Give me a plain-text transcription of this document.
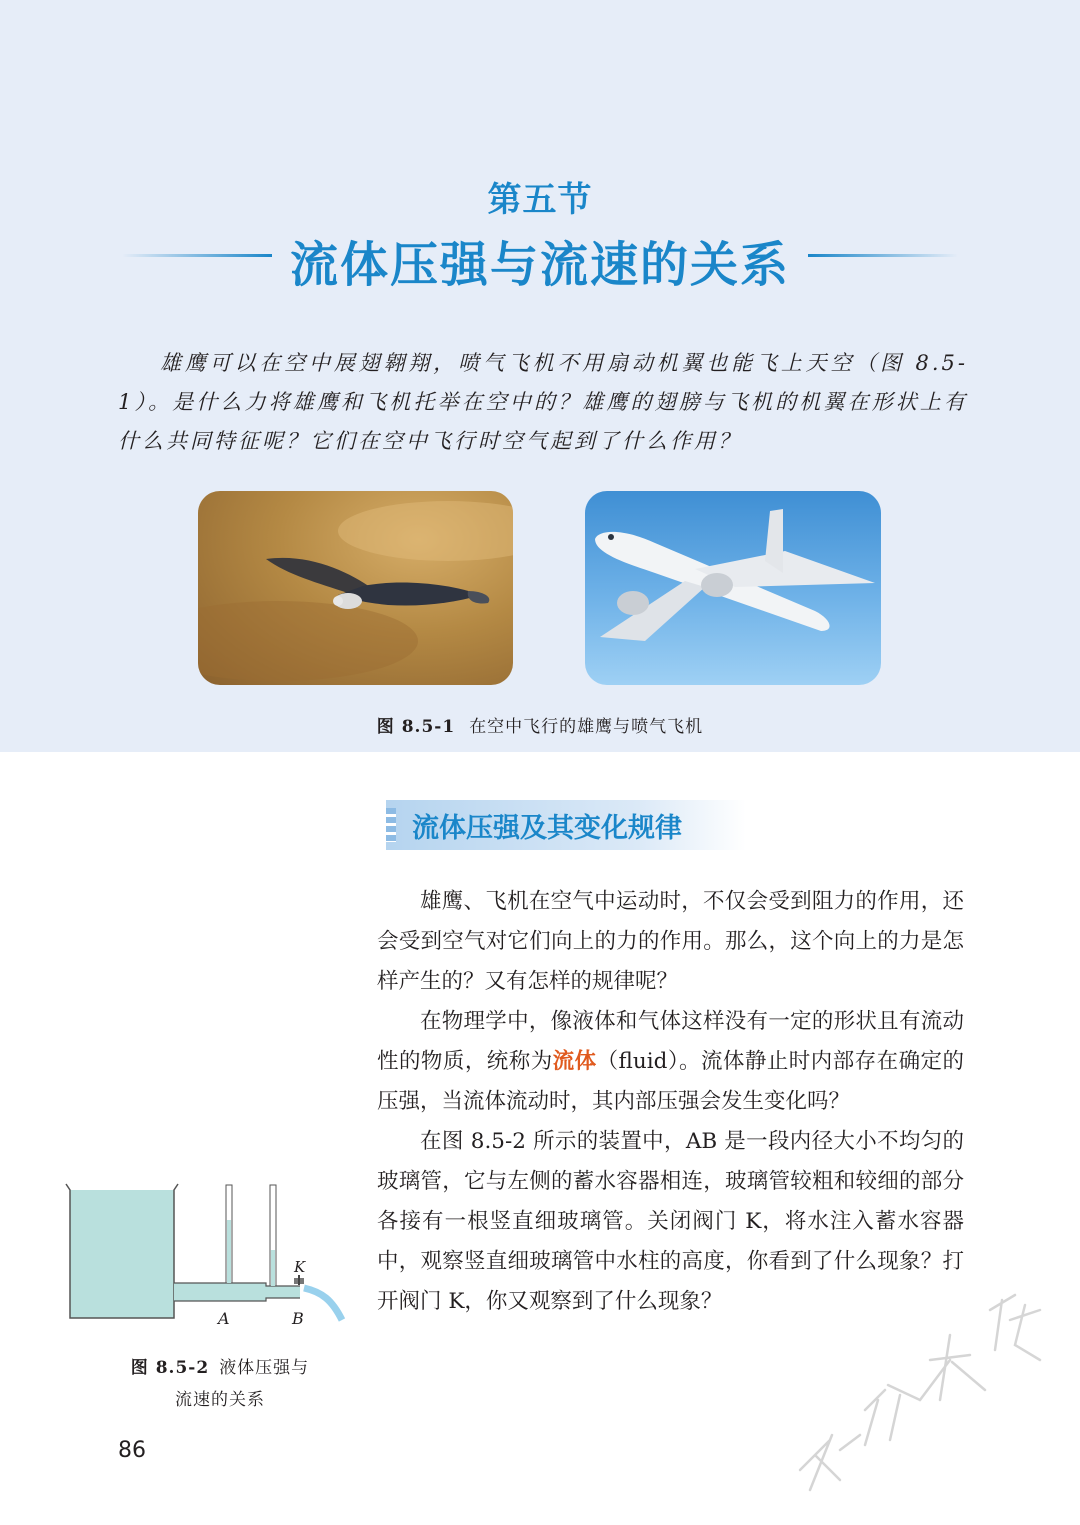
第五节
流体压强与流速的关系

雄鹰可以在空中展翅翱翔，喷气飞机不用扇动机翼也能飞上天空（图 8.5-1）。是什么力将雄鹰和飞机托举在空中的？雄鹰的翅膀与飞机的机翼在形状上有什么共同特征呢？它们在空中飞行时空气起到了什么作用？

图 8.5-1 在空中飞行的雄鹰与喷气飞机
流体压强及其变化规律

雄鹰、飞机在空气中运动时，不仅会受到阻力的作用，还会受到空气对它们向上的力的作用。那么，这个向上的力是怎样产生的？又有怎样的规律呢？

在物理学中，像液体和气体这样没有一定的形状且有流动性的物质，统称为流体（fluid）。流体静止时内部存在确定的压强，当流体流动时，其内部压强会发生变化吗？

在图 8.5-2 所示的装置中，AB 是一段内径大小不均匀的玻璃管，它与左侧的蓄水容器相连，玻璃管较粗和较细的部分各接有一根竖直细玻璃管。关闭阀门 K，将水注入蓄水容器中，观察竖直细玻璃管中水柱的高度，你看到了什么现象？打开阀门 K，你又观察到了什么现象？

A	B
K
图 8.5-2 液体压强与
流速的关系
86
